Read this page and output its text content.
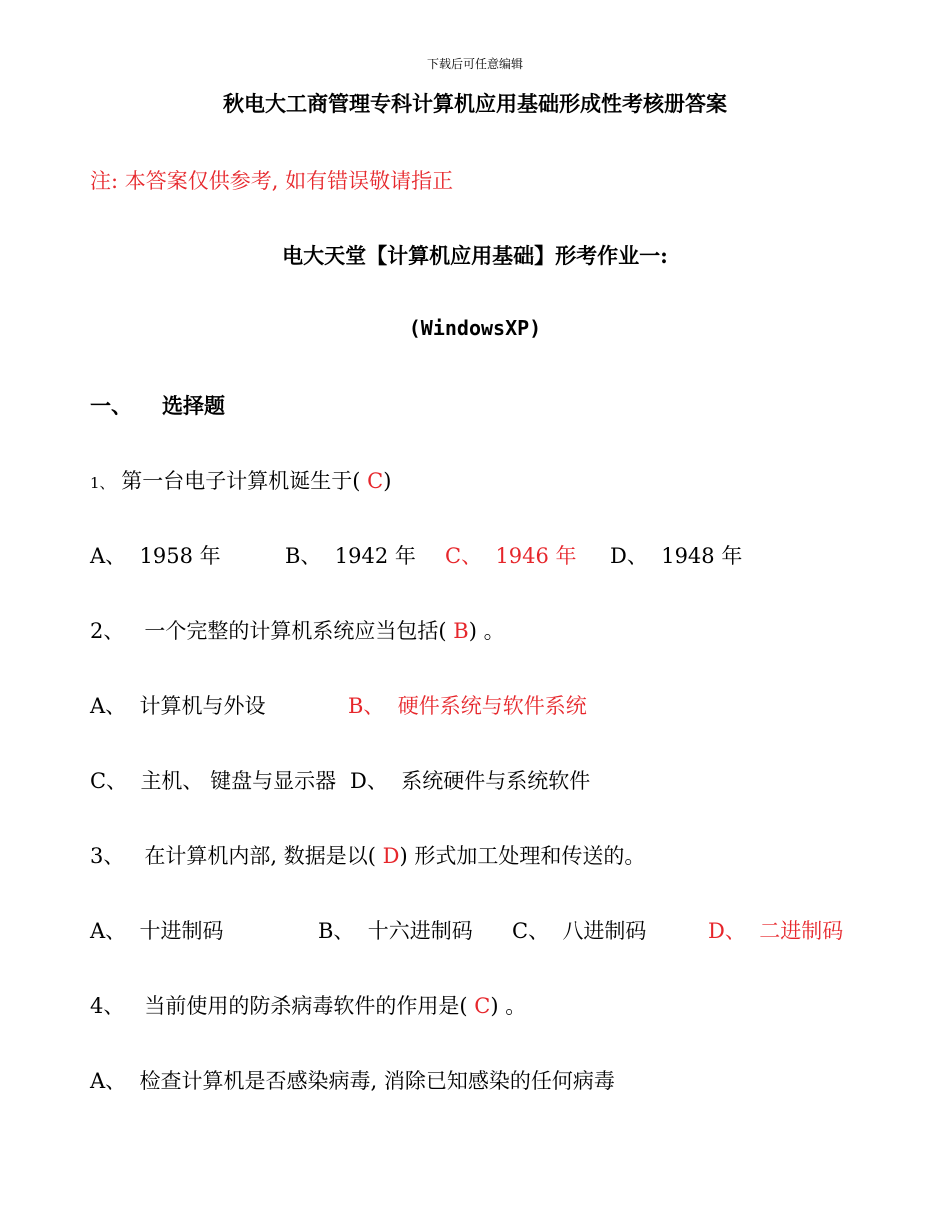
下载后可任意编辑
秋电大工商管理专科计算机应用基础形成性考核册答案
注: 本答案仅供参考, 如有错误敬请指正
电大天堂【计算机应用基础】形考作业一:
(WindowsXP)
一、 选择题
1、 第一台电子计算机诞生于( C)
A、 1958 年	B、 1942 年 C、 1946 年 D、 1948 年
2、 一个完整的计算机系统应当包括( B) 。
A、 计算机与外设	B、 硬件系统与软件系统
C、 主机、 键盘与显示器 D、 系统硬件与系统软件
3、 在计算机内部, 数据是以( D) 形式加工处理和传送的。
A、 十进制码	B、 十六进制码 C、 八进制码	D、 二进制码
4、 当前使用的防杀病毒软件的作用是( C) 。
A、 检查计算机是否感染病毒, 消除已知感染的任何病毒
